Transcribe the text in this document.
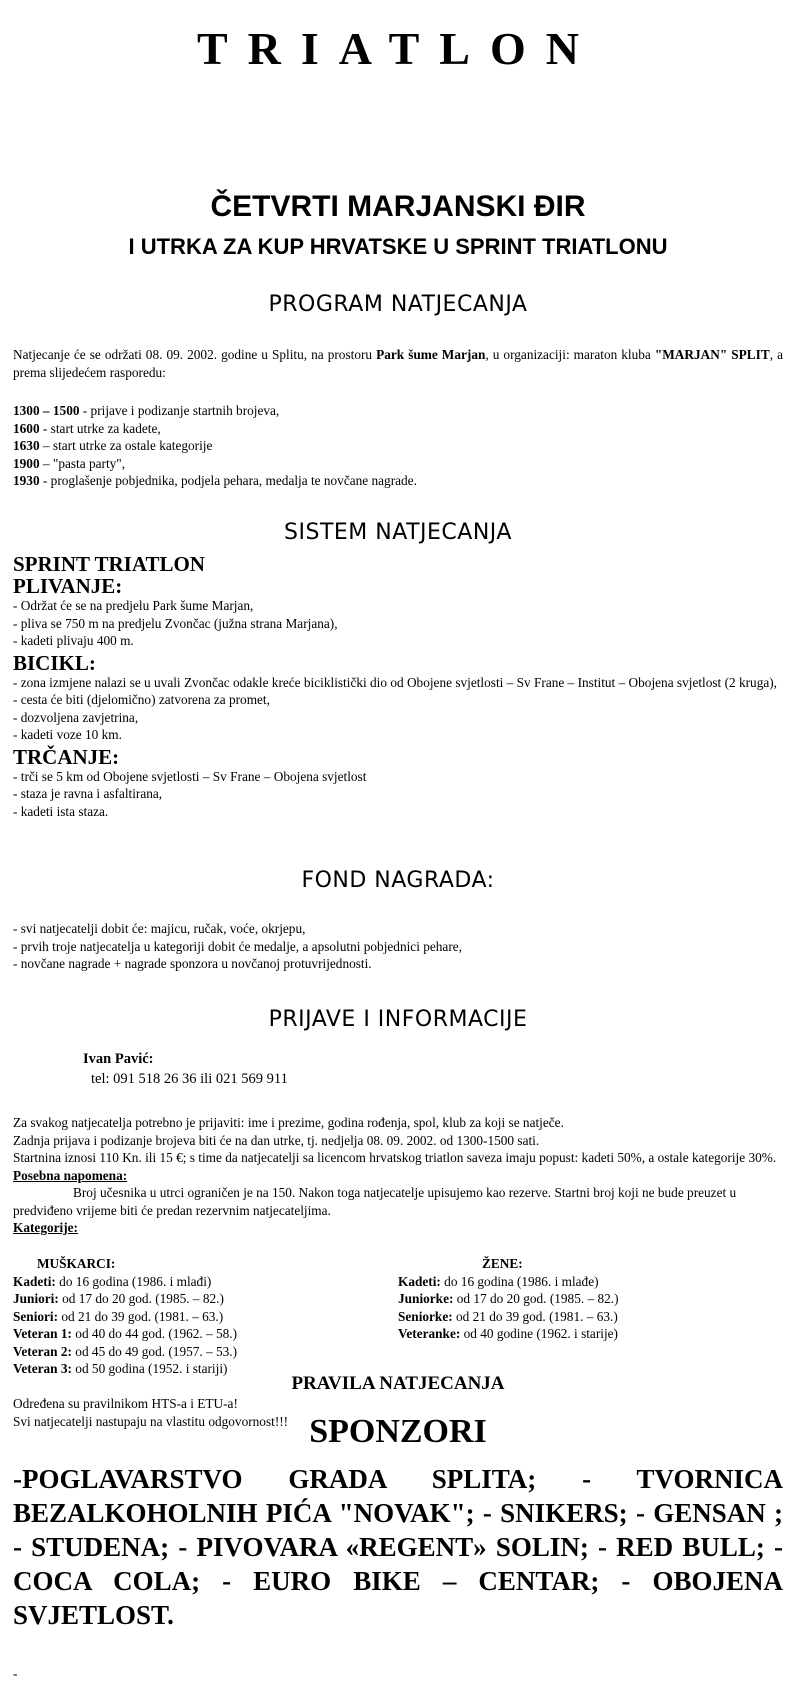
TRIATLON
ČETVRTI MARJANSKI ĐIR
I UTRKA ZA KUP HRVATSKE U SPRINT TRIATLONU
PROGRAM NATJECANJA
Natjecanje će se održati 08. 09. 2002. godine u Splitu, na prostoru Park šume Marjan, u organizaciji: maraton kluba "MARJAN" SPLIT, a prema slijedećem rasporedu:
1300 – 1500 - prijave i podizanje startnih brojeva,
1600 - start utrke za kadete,
1630 – start utrke za ostale kategorije
1900 – "pasta party",
1930 - proglašenje pobjednika, podjela pehara, medalja te novčane nagrade.
SISTEM NATJECANJA
SPRINT TRIATLON
PLIVANJE:
- Održat će se na predjelu Park šume Marjan,
- pliva se 750 m na predjelu Zvončac (južna strana Marjana),
- kadeti plivaju 400 m.
BICIKL:
- zona izmjene nalazi se u uvali Zvončac odakle kreće biciklistički dio od Obojene svjetlosti – Sv Frane – Institut – Obojena svjetlost (2 kruga),
- cesta će biti (djelomično) zatvorena za promet,
- dozvoljena zavjetrina,
- kadeti voze 10 km.
TRČANJE:
- trči se 5 km od Obojene svjetlosti – Sv Frane – Obojena svjetlost
- staza je ravna i asfaltirana,
- kadeti ista staza.
FOND NAGRADA:
- svi natjecatelji dobit će: majicu, ručak, voće, okrjepu,
- prvih troje natjecatelja u kategoriji dobit će medalje, a apsolutni pobjednici pehare,
- novčane nagrade + nagrade sponzora u novčanoj protuvrijednosti.
PRIJAVE I INFORMACIJE
Ivan Pavić:
tel: 091 518 26 36 ili 021 569 911
Za svakog natjecatelja potrebno je prijaviti: ime i prezime, godina rođenja, spol, klub za koji se natječe.
Zadnja prijava i podizanje brojeva biti će na dan utrke, tj. nedjelja 08. 09. 2002. od 1300-1500 sati.
Startnina iznosi 110 Kn. ili 15 €; s time da natjecatelji sa licencom hrvatskog triatlon saveza imaju popust: kadeti 50%, a ostale kategorije 30%.
Posebna napomena:
Broj učesnika u utrci ograničen je na 150. Nakon toga natjecatelje upisujemo kao rezerve. Startni broj koji ne bude preuzet u predviđeno vrijeme biti će predan rezervnim natjecateljima.
Kategorije:
MUŠKARCI:
Kadeti: do 16 godina (1986. i mlađi)
Juniori: od 17 do 20 god. (1985. – 82.)
Seniori: od 21 do 39 god. (1981. – 63.)
Veteran 1: od 40 do 44 god. (1962. – 58.)
Veteran 2: od 45 do 49 god. (1957. – 53.)
Veteran 3: od 50 godina (1952. i stariji)
ŽENE:
Kadeti: do 16 godina (1986. i mlađe)
Juniorke: od 17 do 20 god. (1985. – 82.)
Seniorke: od 21 do 39 god. (1981. – 63.)
Veteranke: od 40 godine (1962. i starije)
PRAVILA NATJECANJA
Određena su pravilnikom HTS-a i ETU-a!
Svi natjecatelji nastupaju na vlastitu odgovornost!!! SPONZORI
-POGLAVARSTVO GRADA SPLITA; - TVORNICA BEZALKOHOLNIH PIĆA "NOVAK"; - SNIKERS; - GENSAN ; - STUDENA; - PIVOVARA «REGENT» SOLIN; - RED BULL; - COCA COLA; - EURO BIKE – CENTAR; - OBOJENA SVJETLOST.
-
